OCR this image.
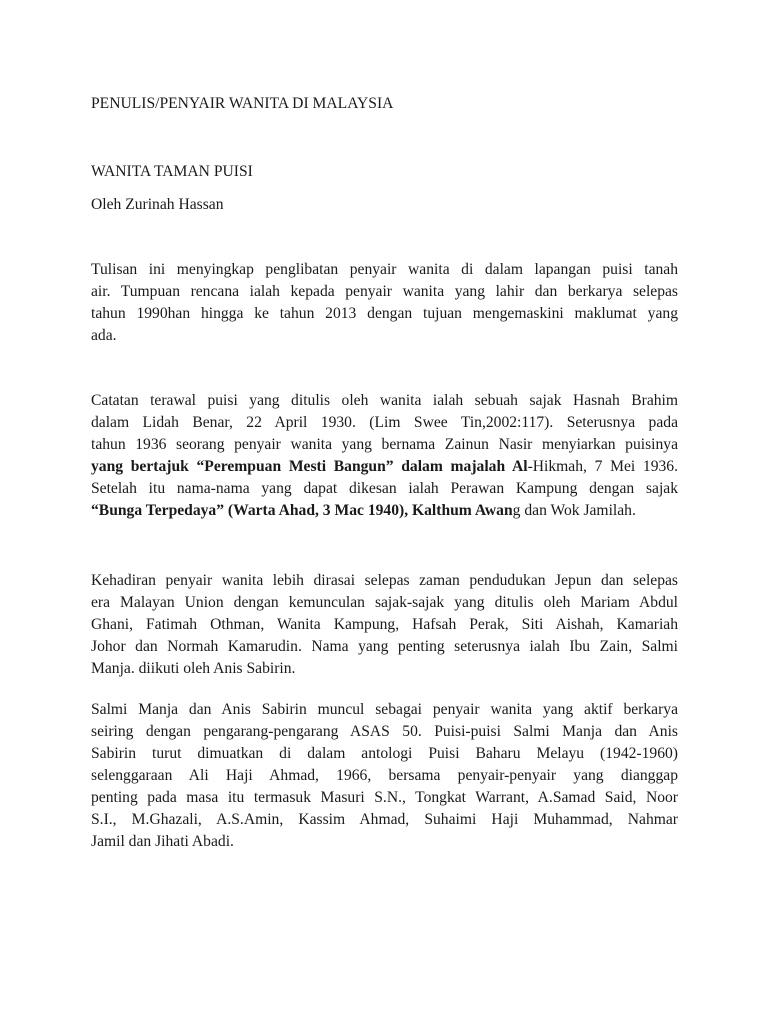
PENULIS/PENYAIR WANITA DI MALAYSIA
WANITA TAMAN PUISI
Oleh Zurinah Hassan
Tulisan ini menyingkap penglibatan penyair wanita di dalam lapangan puisi tanah
air. Tumpuan rencana ialah kepada penyair wanita yang lahir dan berkarya selepas
tahun 1990han hingga ke tahun 2013 dengan tujuan mengemaskini maklumat yang
ada.
Catatan terawal puisi yang ditulis oleh wanita ialah sebuah sajak Hasnah Brahim
dalam Lidah Benar, 22 April 1930. (Lim Swee Tin,2002:117). Seterusnya pada
tahun 1936 seorang penyair wanita yang bernama Zainun Nasir menyiarkan puisinya
yang bertajuk “Perempuan Mesti Bangun” dalam majalah Al-Hikmah, 7 Mei 1936.
Setelah itu nama-nama yang dapat dikesan ialah Perawan Kampung dengan sajak
“Bunga Terpedaya” (Warta Ahad, 3 Mac 1940), Kalthum Awang dan Wok Jamilah.
Kehadiran penyair wanita lebih dirasai selepas zaman pendudukan Jepun dan selepas
era Malayan Union dengan kemunculan sajak-sajak yang ditulis oleh Mariam Abdul
Ghani, Fatimah Othman, Wanita Kampung, Hafsah Perak, Siti Aishah, Kamariah
Johor dan Normah Kamarudin. Nama yang penting seterusnya ialah Ibu Zain, Salmi
Manja. diikuti oleh Anis Sabirin.
Salmi Manja dan Anis Sabirin muncul sebagai penyair wanita yang aktif berkarya
seiring dengan pengarang-pengarang ASAS 50. Puisi-puisi Salmi Manja dan Anis
Sabirin turut dimuatkan di dalam antologi Puisi Baharu Melayu (1942-1960)
selenggaraan Ali Haji Ahmad, 1966, bersama penyair-penyair yang dianggap
penting pada masa itu termasuk Masuri S.N., Tongkat Warrant, A.Samad Said, Noor
S.I., M.Ghazali, A.S.Amin, Kassim Ahmad, Suhaimi Haji Muhammad, Nahmar
Jamil dan Jihati Abadi.
